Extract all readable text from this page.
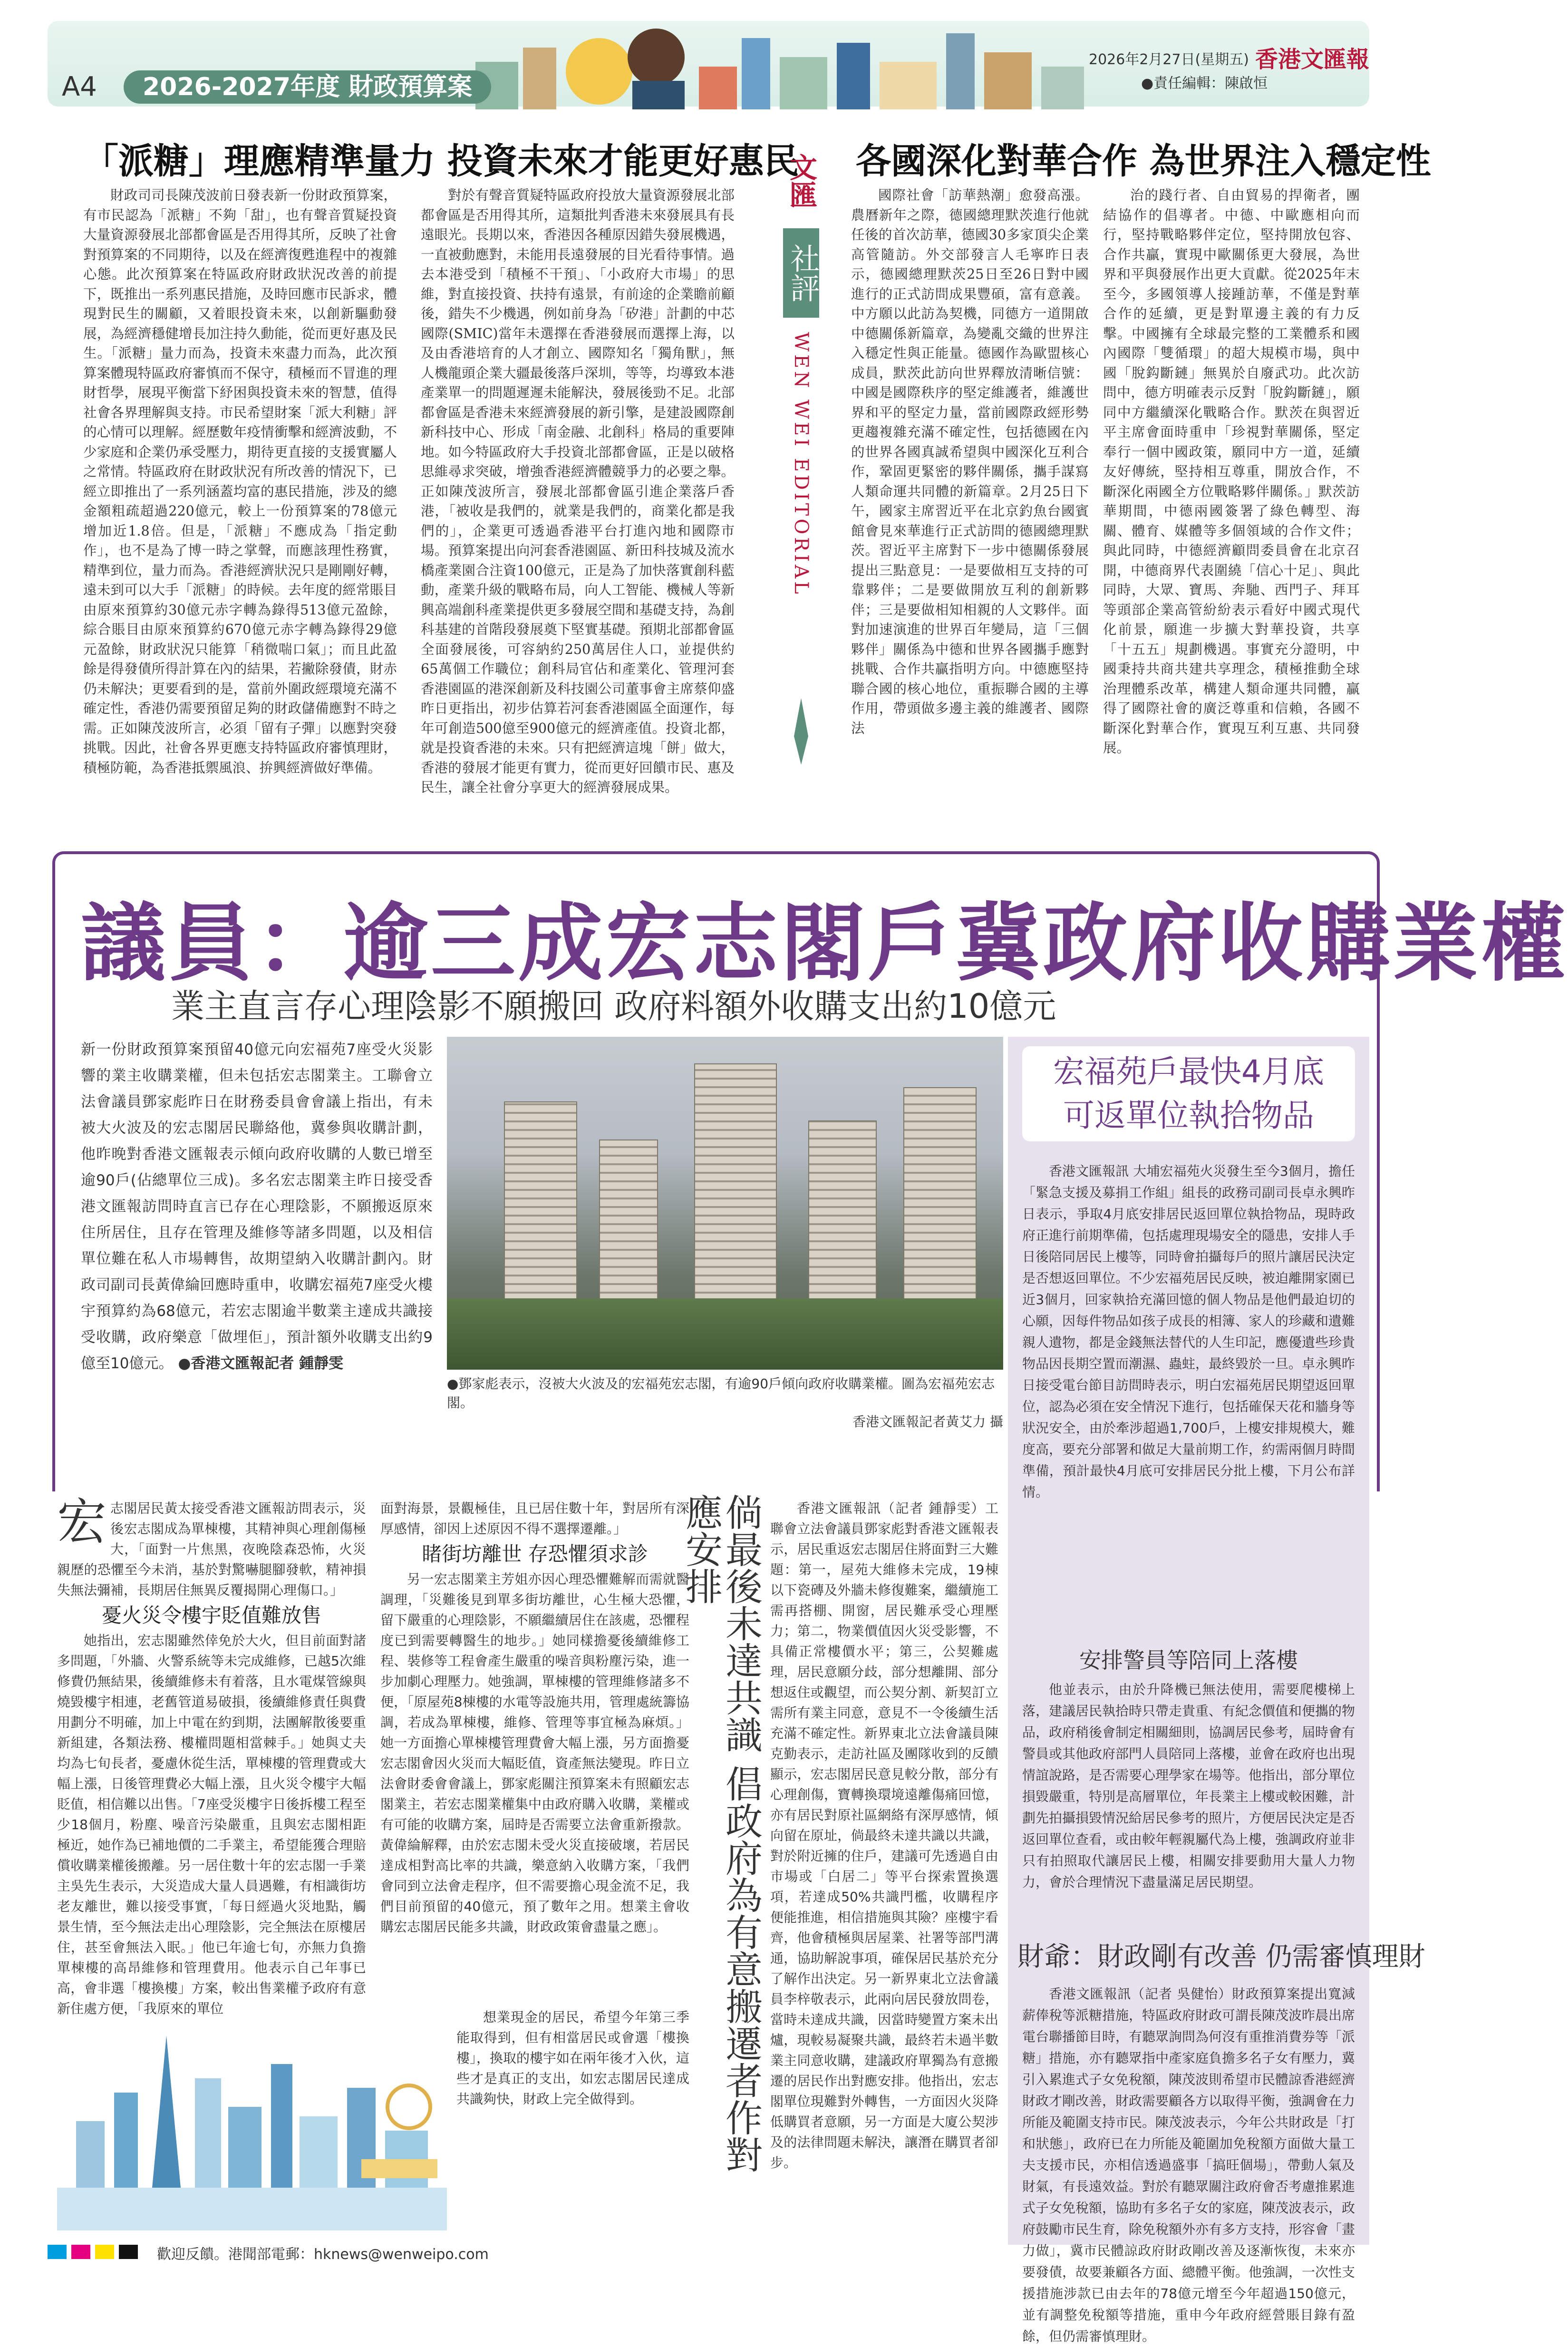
A4	2026-2027年度 財政預算案
2026年2月27日(星期五) 香港文匯報
●責任編輯：陳啟恒
「派糖」理應精準量力 投資未來才能更好惠民

財政司司長陳茂波前日發表新一份財政預算案，有市民認為「派糖」不夠「甜」，也有聲音質疑投資大量資源發展北部都會區是否用得其所，反映了社會對預算案的不同期待，以及在經濟復甦進程中的複雜心態。此次預算案在特區政府財政狀況改善的前提下，既推出一系列惠民措施，及時回應市民訴求，體現對民生的關顧，又着眼投資未來，以創新驅動發展，為經濟穩健增長加注持久動能，從而更好惠及民生。「派糖」量力而為，投資未來盡力而為，此次預算案體現特區政府審慎而不保守，積極而不冒進的理財哲學，展現平衡當下紓困與投資未來的智慧，值得社會各界理解與支持。市民希望財案「派大利糖」評的心情可以理解。經歷數年疫情衝擊和經濟波動，不少家庭和企業仍承受壓力，期待更直接的支援實屬人之常情。特區政府在財政狀況有所改善的情況下，已經立即推出了一系列涵蓋均富的惠民措施，涉及的總金額粗疏超過220億元，較上一份預算案的78億元增加近1.8倍。但是，「派糖」不應成為「指定動作」，也不是為了博一時之掌聲，而應該理性務實，精準到位，量力而為。香港經濟狀況只是剛剛好轉，遠未到可以大手「派糖」的時候。去年度的經常賬目由原來預算約30億元赤字轉為錄得513億元盈餘，綜合賬目由原來預算約670億元赤字轉為錄得29億元盈餘，財政狀況只能算「稍微喘口氣」；而且此盈餘是得發債所得計算在內的結果，若撇除發債，財赤仍未解決；更要看到的是，當前外圍政經環境充滿不確定性，香港仍需要預留足夠的財政儲備應對不時之需。正如陳茂波所言，必須「留有子彈」以應對突發挑戰。因此，社會各界更應支持特區政府審慎理財，積極防範，為香港抵禦風浪、拚興經濟做好準備。

對於有聲音質疑特區政府投放大量資源發展北部都會區是否用得其所，這類批判香港未來發展具有長遠眼光。長期以來，香港因各種原因錯失發展機遇，一直被動應對，未能用長遠發展的目光看待事情。過去本港受到「積極不干預」、「小政府大市場」的思維，對直接投資、扶持有遠景，有前途的企業瞻前顧後，錯失不少機遇，例如前身為「矽港」計劃的中芯國際(SMIC)當年未選擇在香港發展而選擇上海，以及由香港培育的人才創立、國際知名「獨角獸」，無人機龍頭企業大疆最後落戶深圳，等等，均導致本港產業單一的問題遲遲未能解決，發展後勁不足。北部都會區是香港未來經濟發展的新引擎，是建設國際創新科技中心、形成「南金融、北創科」格局的重要陣地。如今特區政府大手投資北部都會區，正是以破格思維尋求突破，增強香港經濟體競爭力的必要之舉。正如陳茂波所言，發展北部都會區引進企業落戶香港，「被收是我們的，就業是我們的，商業化都是我們的」，企業更可透過香港平台打進內地和國際市場。預算案提出向河套香港園區、新田科技城及流水橋產業園合注資100億元，正是為了加快落實創科藍動，產業升級的戰略布局，向人工智能、機械人等新興高端創科產業提供更多發展空間和基礎支持，為創科基建的首階段發展奠下堅實基礎。預期北部都會區全面發展後，可容納約250萬居住人口，並提供約65萬個工作職位；創科局官佔和產業化、管理河套香港園區的港深創新及科技園公司董事會主席蔡仰盛昨日更指出，初步估算若河套香港園區全面運作，每年可創造500億至900億元的經濟產值。投資北都，就是投資香港的未來。只有把經濟這塊「餅」做大，香港的發展才能更有實力，從而更好回饋市民、惠及民生，讓全社會分享更大的經濟發展成果。

文匯
社評
WEN WEI EDITORIAL
各國深化對華合作 為世界注入穩定性

國際社會「訪華熱潮」愈發高漲。農曆新年之際，德國總理默茨進行他就任後的首次訪華，德國30多家頂尖企業高管隨訪。外交部發言人毛寧昨日表示，德國總理默茨25日至26日對中國進行的正式訪問成果豐碩，富有意義。中方願以此訪為契機，同德方一道開啟中德關係新篇章，為變亂交織的世界注入穩定性與正能量。德國作為歐盟核心成員，默茨此訪向世界釋放清晰信號：中國是國際秩序的堅定維護者，維護世界和平的堅定力量，當前國際政經形勢更趨複雜充滿不確定性，包括德國在內的世界各國真誠希望與中國深化互利合作，鞏固更緊密的夥伴關係，攜手謀寫人類命運共同體的新篇章。2月25日下午，國家主席習近平在北京釣魚台國賓館會見來華進行正式訪問的德國總理默茨。習近平主席對下一步中德關係發展提出三點意見：一是要做相互支持的可靠夥伴；二是要做開放互利的創新夥伴；三是要做相知相親的人文夥伴。面對加速演進的世界百年變局，這「三個夥伴」關係為中德和世界各國攜手應對挑戰、合作共贏指明方向。中德應堅持聯合國的核心地位，重振聯合國的主導作用，帶頭做多邊主義的維護者、國際法

治的踐行者、自由貿易的捍衛者，團結協作的倡導者。中德、中歐應相向而行，堅持戰略夥伴定位，堅持開放包容、合作共贏，實現中歐關係更大發展，為世界和平與發展作出更大貢獻。從2025年末至今，多國領導人接踵訪華，不僅是對華合作的延續，更是對單邊主義的有力反擊。中國擁有全球最完整的工業體系和國內國際「雙循環」的超大規模市場，與中國「脫鈎斷鏈」無異於自廢武功。此次訪問中，德方明確表示反對「脫鈎斷鏈」，願同中方繼續深化戰略合作。默茨在與習近平主席會面時重申「珍視對華關係，堅定奉行一個中國政策，願同中方一道，延續友好傳統，堅持相互尊重，開放合作，不斷深化兩國全方位戰略夥伴關係。」默茨訪華期間，中德兩國簽署了綠色轉型、海關、體育、媒體等多個領域的合作文件；與此同時，中德經濟顧問委員會在北京召開，中德商界代表圍繞「信心十足」、與此同時，大眾、寶馬、奔馳、西門子、拜耳等頭部企業高管紛紛表示看好中國式現代化前景，願進一步擴大對華投資，共享「十五五」規劃機遇。事實充分證明，中國秉持共商共建共享理念，積極推動全球治理體系改革，構建人類命運共同體，贏得了國際社會的廣泛尊重和信賴，各國不斷深化對華合作，實現互利互惠、共同發展。

議員：逾三成宏志閣戶冀政府收購業權
業主直言存心理陰影不願搬回 政府料額外收購支出約10億元
新一份財政預算案預留40億元向宏福苑7座受火災影響的業主收購業權，但未包括宏志閣業主。工聯會立法會議員鄧家彪昨日在財務委員會會議上指出，有未被大火波及的宏志閣居民聯絡他，冀參與收購計劃，他昨晚對香港文匯報表示傾向政府收購的人數已增至逾90戶(佔總單位三成)。多名宏志閣業主昨日接受香港文匯報訪問時直言已存在心理陰影，不願搬返原來住所居住，且存在管理及維修等諸多問題，以及相信單位難在私人市場轉售，故期望納入收購計劃內。財政司副司長黃偉綸回應時重申，收購宏福苑7座受火樓宇預算約為68億元，若宏志閣逾半數業主達成共識接受收購，政府樂意「做埋佢」，預計額外收購支出約9億至10億元。 ●香港文匯報記者 鍾靜雯
●鄧家彪表示，沒被大火波及的宏福苑宏志閣，有逾90戶傾向政府收購業權。圖為宏福苑宏志閣。
香港文匯報記者黃艾力 攝
宏福苑戶最快4月底
可返單位執拾物品

香港文匯報訊 大埔宏福苑火災發生至今3個月，擔任「緊急支援及募捐工作組」組長的政務司副司長卓永興昨日表示，爭取4月底安排居民返回單位執拾物品，現時政府正進行前期準備，包括處理現場安全的隱患，安排人手日後陪同居民上樓等，同時會拍攝每戶的照片讓居民決定是否想返回單位。不少宏福苑居民反映，被迫離開家園已近3個月，回家執拾充滿回憶的個人物品是他們最迫切的心願，因每件物品如孩子成長的相簿、家人的珍藏和遺難親人遺物，都是金錢無法替代的人生印記，應優遺些珍貴物品因長期空置而潮濕、蟲蛀，最終毀於一旦。卓永興昨日接受電台節目訪問時表示，明白宏福苑居民期望返回單位，認為必須在安全情況下進行，包括確保天花和牆身等狀況安全，由於牽涉超過1,700戶，上樓安排規模大，難度高，要充分部署和做足大量前期工作，約需兩個月時間準備，預計最快4月底可安排居民分批上樓，下月公布詳情。

安排警員等陪同上落樓

他並表示，由於升降機已無法使用，需要爬樓梯上落，建議居民執拾時只帶走貴重、有紀念價值和便攜的物品，政府稍後會制定相關細則，協調居民參考，屆時會有警員或其他政府部門人員陪同上落樓，並會在政府也出現情誼說路，是否需要心理學家在場等。他指出，部分單位損毀嚴重，特別是高層單位，年長業主上樓或較困難，計劃先拍攝損毀情況給居民參考的照片，方便居民決定是否返回單位查看，或由較年輕親屬代為上樓，強調政府並非只有拍照取代讓居民上樓，相關安排要動用大量人力物力，會於合理情況下盡量滿足居民期望。

財爺：財政剛有改善 仍需審慎理財

香港文匯報訊（記者 吳健怡）財政預算案提出寬減薪俸稅等派糖措施，特區政府財政可謂長陳茂波昨晨出席電台聯播節目時，有聽眾詢問為何沒有重推消費券等「派糖」措施，亦有聽眾指中產家庭負擔多名子女有壓力，冀引入累進式子女免稅額，陳茂波則希望市民體諒香港經濟財政才剛改善，財政需要顧各方以取得平衡，強調會在力所能及範圍支持市民。陳茂波表示，今年公共財政是「打和狀態」，政府已在力所能及範圍加免稅額方面做大量工夫支援市民，亦相信透過盛事「搞旺個場」，帶動人氣及財氣，有長遠效益。對於有聽眾關注政府會否考慮推累進式子女免稅額，協助有多名子女的家庭，陳茂波表示，政府鼓勵市民生育，除免稅額外亦有多方支持，形容會「畫力做」，冀市民體諒政府財政剛改善及逐漸恢復，未來亦要發債，故要兼顧各方面、總體平衡。他強調，一次性支援措施涉款已由去年的78億元增至今年超過150億元，並有調整免稅額等措施，重申今年政府經營賬目錄有盈餘，但仍需審慎理財。

宏 志閣居民黃太接受香港文匯報訪問表示，災後宏志閣成為單棟樓，其精神與心理創傷極大，「面對一片焦黑，夜晚陰森恐怖，火災親歷的恐懼至今未消，基於對驚嚇腿腳發軟，精神損失無法彌補，長期居住無異反覆揭開心理傷口。」
憂火災令樓宇貶值難放售

她指出，宏志閣雖然倖免於大火，但目前面對諸多問題，「外牆、火警系統等未完成維修，已越5次維修費仍無結果，後續維修未有着落，且水電煤管線與燒毀樓宇相連，老舊管道易破損，後續維修責任與費用劃分不明確，加上中電在約到期，法團解散後要重新組建，各類法務、樓權問題相當棘手。」她與丈夫均為七旬長者，憂慮休從生活，單棟樓的管理費或大幅上漲，日後管理費必大幅上漲，且火災令樓宇大幅貶值，相信難以出售。「7座受災樓宇日後拆樓工程至少18個月，粉塵、噪音污染嚴重，且與宏志閣相距極近，她作為已補地價的二手業主，希望能獲合理賠償收購業權後搬離。另一居住數十年的宏志閣一手業主吳先生表示，大災造成大量人員遇難，有相識街坊老友離世，難以接受事實，「每日經過火災地點，觸景生情，至今無法走出心理陰影，完全無法在原樓居住，甚至會無法入眠。」他已年逾七旬，亦無力負擔單棟樓的高昂維修和管理費用。他表示自己年事已高，會非選「樓換樓」方案，較出售業權予政府有意新住處方便，「我原來的單位

面對海景，景觀極佳，且已居住數十年，對居所有深厚感情，卻因上述原因不得不選擇遷離。」
睹街坊離世 存恐懼須求診

另一宏志閣業主芳姐亦因心理恐懼難解而需就醫調理，「災難後見到單多街坊離世，心生極大恐懼，留下嚴重的心理陰影，不願繼續居住在該處，恐懼程度已到需要轉醫生的地步。」她同樣擔憂後續維修工程、裝修等工程會產生嚴重的噪音與粉塵污染，進一步加劇心理壓力。她強調，單棟樓的管理維修諸多不便，「原屋苑8棟樓的水電等設施共用，管理處統籌協調，若成為單棟樓，維修、管理等事宜極為麻煩。」她一方面擔心單棟樓管理費會大幅上漲，另方面擔憂宏志閣會因火災而大幅貶值，資產無法變現。昨日立法會財委會會議上，鄧家彪關注預算案未有照顧宏志閣業主，若宏志閣業權集中由政府購入收購，業權或有可能的收購方案，屆時是否需要立法會重新撥款。黃偉綸解釋，由於宏志閣未受火災直接破壞，若居民達成相對高比率的共識，樂意納入收購方案，「我們會同到立法會走程序，但不需要擔心現金流不足，我們目前預留的40億元，預了數年之用。想業主會收購宏志閣居民能多共識，財政政策會盡量之應」。

想業現金的居民，希望今年第三季能取得到，但有相當居民或會選「樓換樓」，換取的樓宇如在兩年後才入伙，這些才是真正的支出，如宏志閣居民達成共識夠快，財政上完全做得到。	倘最後未達共識 倡政府為有意搬遷者作對應安排	香港文匯報訊（記者 鍾靜雯）工聯會立法會議員鄧家彪對香港文匯報表示，居民重返宏志閣居住將面對三大難題：第一，屋苑大維修未完成，19棟以下瓷磚及外牆未修復難案，繼續施工需再搭棚、開窗，居民難承受心理壓力；第二，物業價值因火災受影響，不具備正常樓價水平；第三，公契難處理，居民意願分歧，部分想離開、部分想返住或觀望，而公契分割、新契訂立需所有業主同意，意見不一令後續生活充滿不確定性。新界東北立法會議員陳克勤表示，走訪社區及團隊收到的反饋顯示，宏志閣居民意見較分散，部分有心理創傷，寶轉換環境遠離傷痛回憶，亦有居民對原社區網絡有深厚感情，傾向留在原址，倘最終未達共識以共識，對於附近擁的住戶，建議可先透過自由市場或「白居二」等平台探索置換選項，若達成50%共識門檻，收購程序便能推進，相信措施與其險？座樓宇看齊，他會積極與居屋業、社署等部門溝通，協助解說事項，確保居民基於充分了解作出決定。另一新界東北立法會議員李梓敬表示，此兩向居民發放問卷，當時未達成共識，因當時變置方案未出爐，現較易凝聚共識，最終若未過半數業主同意收購，建議政府單獨為有意搬遷的居民作出對應安排。他指出，宏志閣單位現難對外轉售，一方面因火災降低購買者意願，另一方面是大廈公契涉及的法律問題未解決，讓潛在購買者卻步。

歡迎反饋。港聞部電郵：hknews@wenweipo.com
